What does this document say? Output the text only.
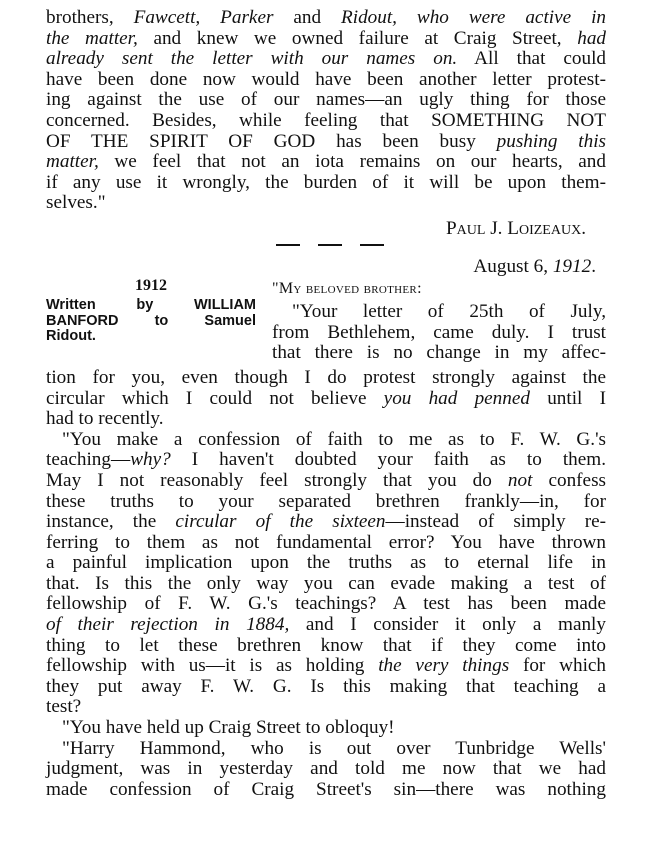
brothers, Fawcett, Parker and Ridout, who were active in
the matter, and knew we owned failure at Craig Street, had
already sent the letter with our names on. All that could
have been done now would have been another letter protest-
ing against the use of our names—an ugly thing for those
concerned. Besides, while feeling that SOMETHING NOT
OF THE SPIRIT OF GOD has been busy pushing this
matter, we feel that not an iota remains on our hearts, and
if any use it wrongly, the burden of it will be upon them-
selves."
PAUL J. LOIZEAUX.
August 6, 1912.
1912
Written by WILLIAM
BANFORD to Samuel
Ridout.
"My beloved brother:
"Your letter of 25th of July,
from Bethlehem, came duly. I trust
that there is no change in my affec-
tion for you, even though I do protest strongly against the
circular which I could not believe you had penned until I
had to recently.
"You make a confession of faith to me as to F. W. G.'s
teaching—why? I haven't doubted your faith as to them.
May I not reasonably feel strongly that you do not confess
these truths to your separated brethren frankly—in, for
instance, the circular of the sixteen—instead of simply re-
ferring to them as not fundamental error? You have thrown
a painful implication upon the truths as to eternal life in
that. Is this the only way you can evade making a test of
fellowship of F. W. G.'s teachings? A test has been made
of their rejection in 1884, and I consider it only a manly
thing to let these brethren know that if they come into
fellowship with us—it is as holding the very things for which
they put away F. W. G. Is this making that teaching a
test?
"You have held up Craig Street to obloquy!
"Harry Hammond, who is out over Tunbridge Wells'
judgment, was in yesterday and told me now that we had
made confession of Craig Street's sin—there was nothing
